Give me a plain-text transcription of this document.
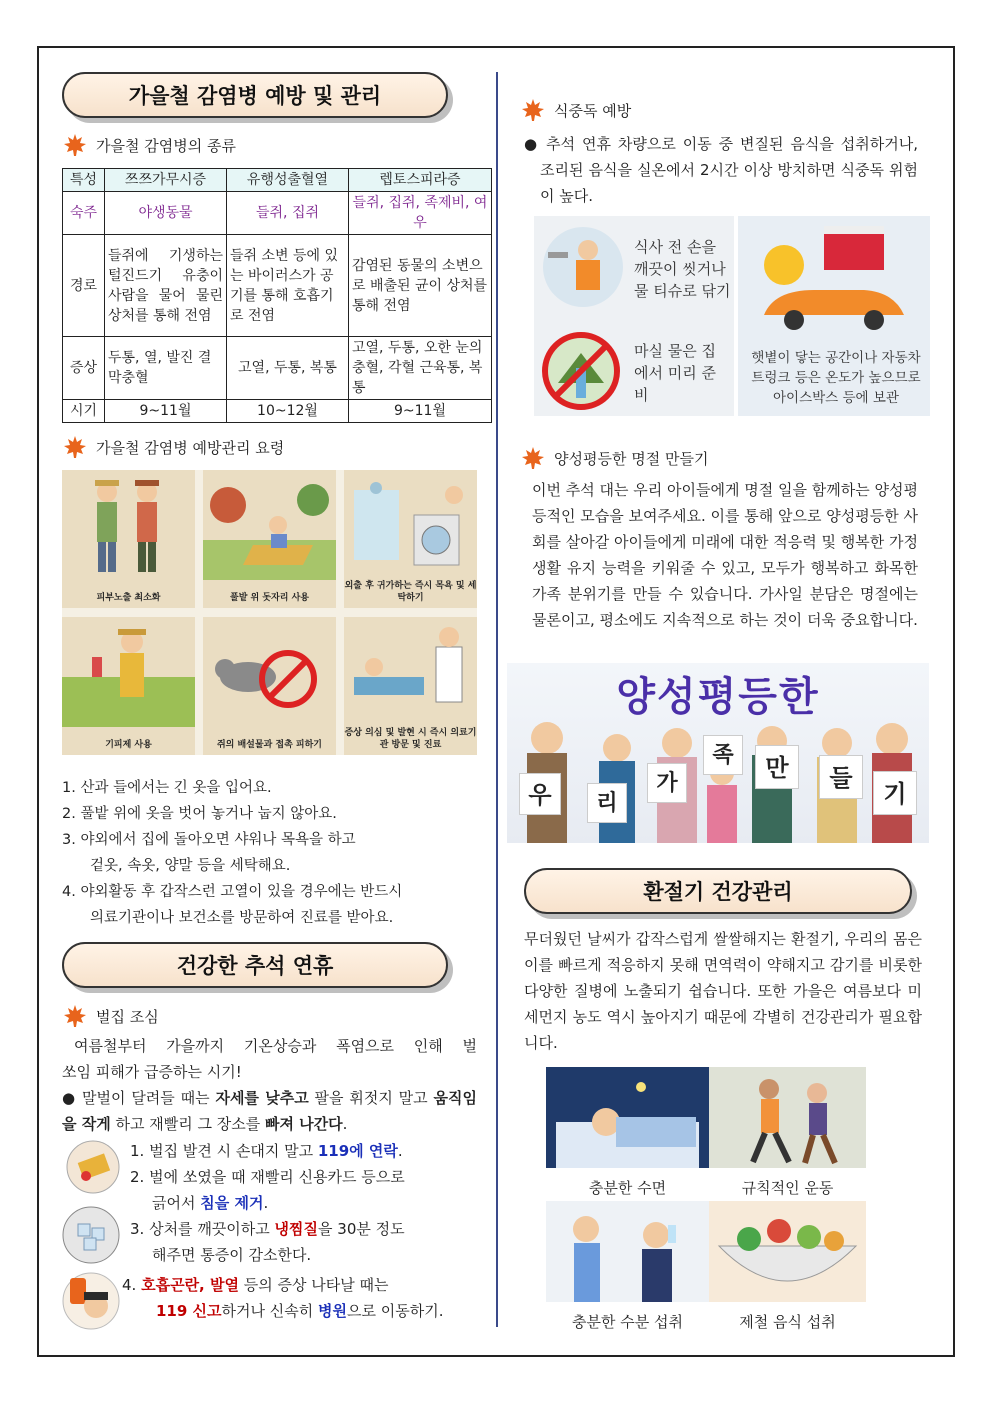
가을철 감염병 예방 및 관리
가을철 감염병의 종류
특성	쯔쯔가무시증	유행성출혈열	렙토스피라증
숙주	야생동물	들쥐, 집쥐	들쥐, 집쥐, 족제비, 여우
경로	들쥐에 기생하는 털진드기 유충이 사람을 물어 물린상처를 통해 전염	들쥐 소변 등에 있는 바이러스가 공기를 통해 호흡기로 전염	감염된 동물의 소변으로 배출된 균이 상처를 통해 전염
증상	두통, 열, 발진 결막충혈	고열, 두통, 복통	고열, 두통, 오한 눈의 충혈, 각혈 근육통, 복통
시기	9~11월	10~12월	9~11월
가을철 감염병 예방관리 요령
피부노출 최소화	풀밭 위 돗자리 사용
외출 후 귀가하는 즉시 목욕 및 세탁하기
기피제 사용	쥐의 배설물과 접촉 피하기
증상 의심 및 발현 시 즉시 의료기관 방문 및 진료
1. 산과 들에서는 긴 옷을 입어요.
2. 풀밭 위에 옷을 벗어 놓거나 눕지 않아요.
3. 야외에서 집에 돌아오면 샤워나 목욕을 하고
겉옷, 속옷, 양말 등을 세탁해요.
4. 야외활동 후 갑작스런 고열이 있을 경우에는 반드시
의료기관이나 보건소를 방문하여 진료를 받아요.
건강한 추석 연휴
벌집 조심
여름철부터 가을까지 기온상승과 폭염으로 인해 벌
쏘임 피해가 급증하는 시기!
● 말벌이 달려들 때는 자세를 낮추고 팔을 휘젓지 말고 움직임을 작게 하고 재빨리 그 장소를 빠져 나간다.
1. 벌집 발견 시 손대지 말고 119에 연락.
2. 벌에 쏘였을 때 재빨리 신용카드 등으로
긁어서 침을 제거.
3. 상처를 깨끗이하고 냉찜질을 30분 정도
해주면 통증이 감소한다.
4. 호흡곤란, 발열 등의 증상 나타날 때는
119 신고하거나 신속히 병원으로 이동하기.
식중독 예방
● 추석 연휴 차량으로 이동 중 변질된 음식을 섭취하거나, 조리된 음식을 실온에서 2시간 이상 방치하면 식중독 위험이 높다.
식사 전 손을 깨끗이 씻거나 물 티슈로 닦기
마실 물은 집에서 미리 준비
햇볕이 닿는 공간이나 자동차 트렁크 등은 온도가 높으므로 아이스박스 등에 보관
양성평등한 명절 만들기
이번 추석 대는 우리 아이들에게 명절 일을 함께하는 양성평등적인 모습을 보여주세요. 이를 통해 앞으로 양성평등한 사회를 살아갈 아이들에게 미래에 대한 적응력 및 행복한 가정생활 유지 능력을 키워줄 수 있고, 모두가 행복하고 화목한 가족 분위기를 만들 수 있습니다. 가사일 분담은 명절에는 물론이고, 평소에도 지속적으로 하는 것이 더욱 중요합니다.
양성평등한
우	리
가
족	만	들
기
환절기 건강관리
무더웠던 날씨가 갑작스럽게 쌀쌀해지는 환절기, 우리의 몸은 이를 빠르게 적응하지 못해 면역력이 약해지고 감기를 비롯한 다양한 질병에 노출되기 쉽습니다. 또한 가을은 여름보다 미세먼지 농도 역시 높아지기 때문에 각별히 건강관리가 필요합니다.
충분한 수면	규칙적인 운동
충분한 수분 섭취	제철 음식 섭취
